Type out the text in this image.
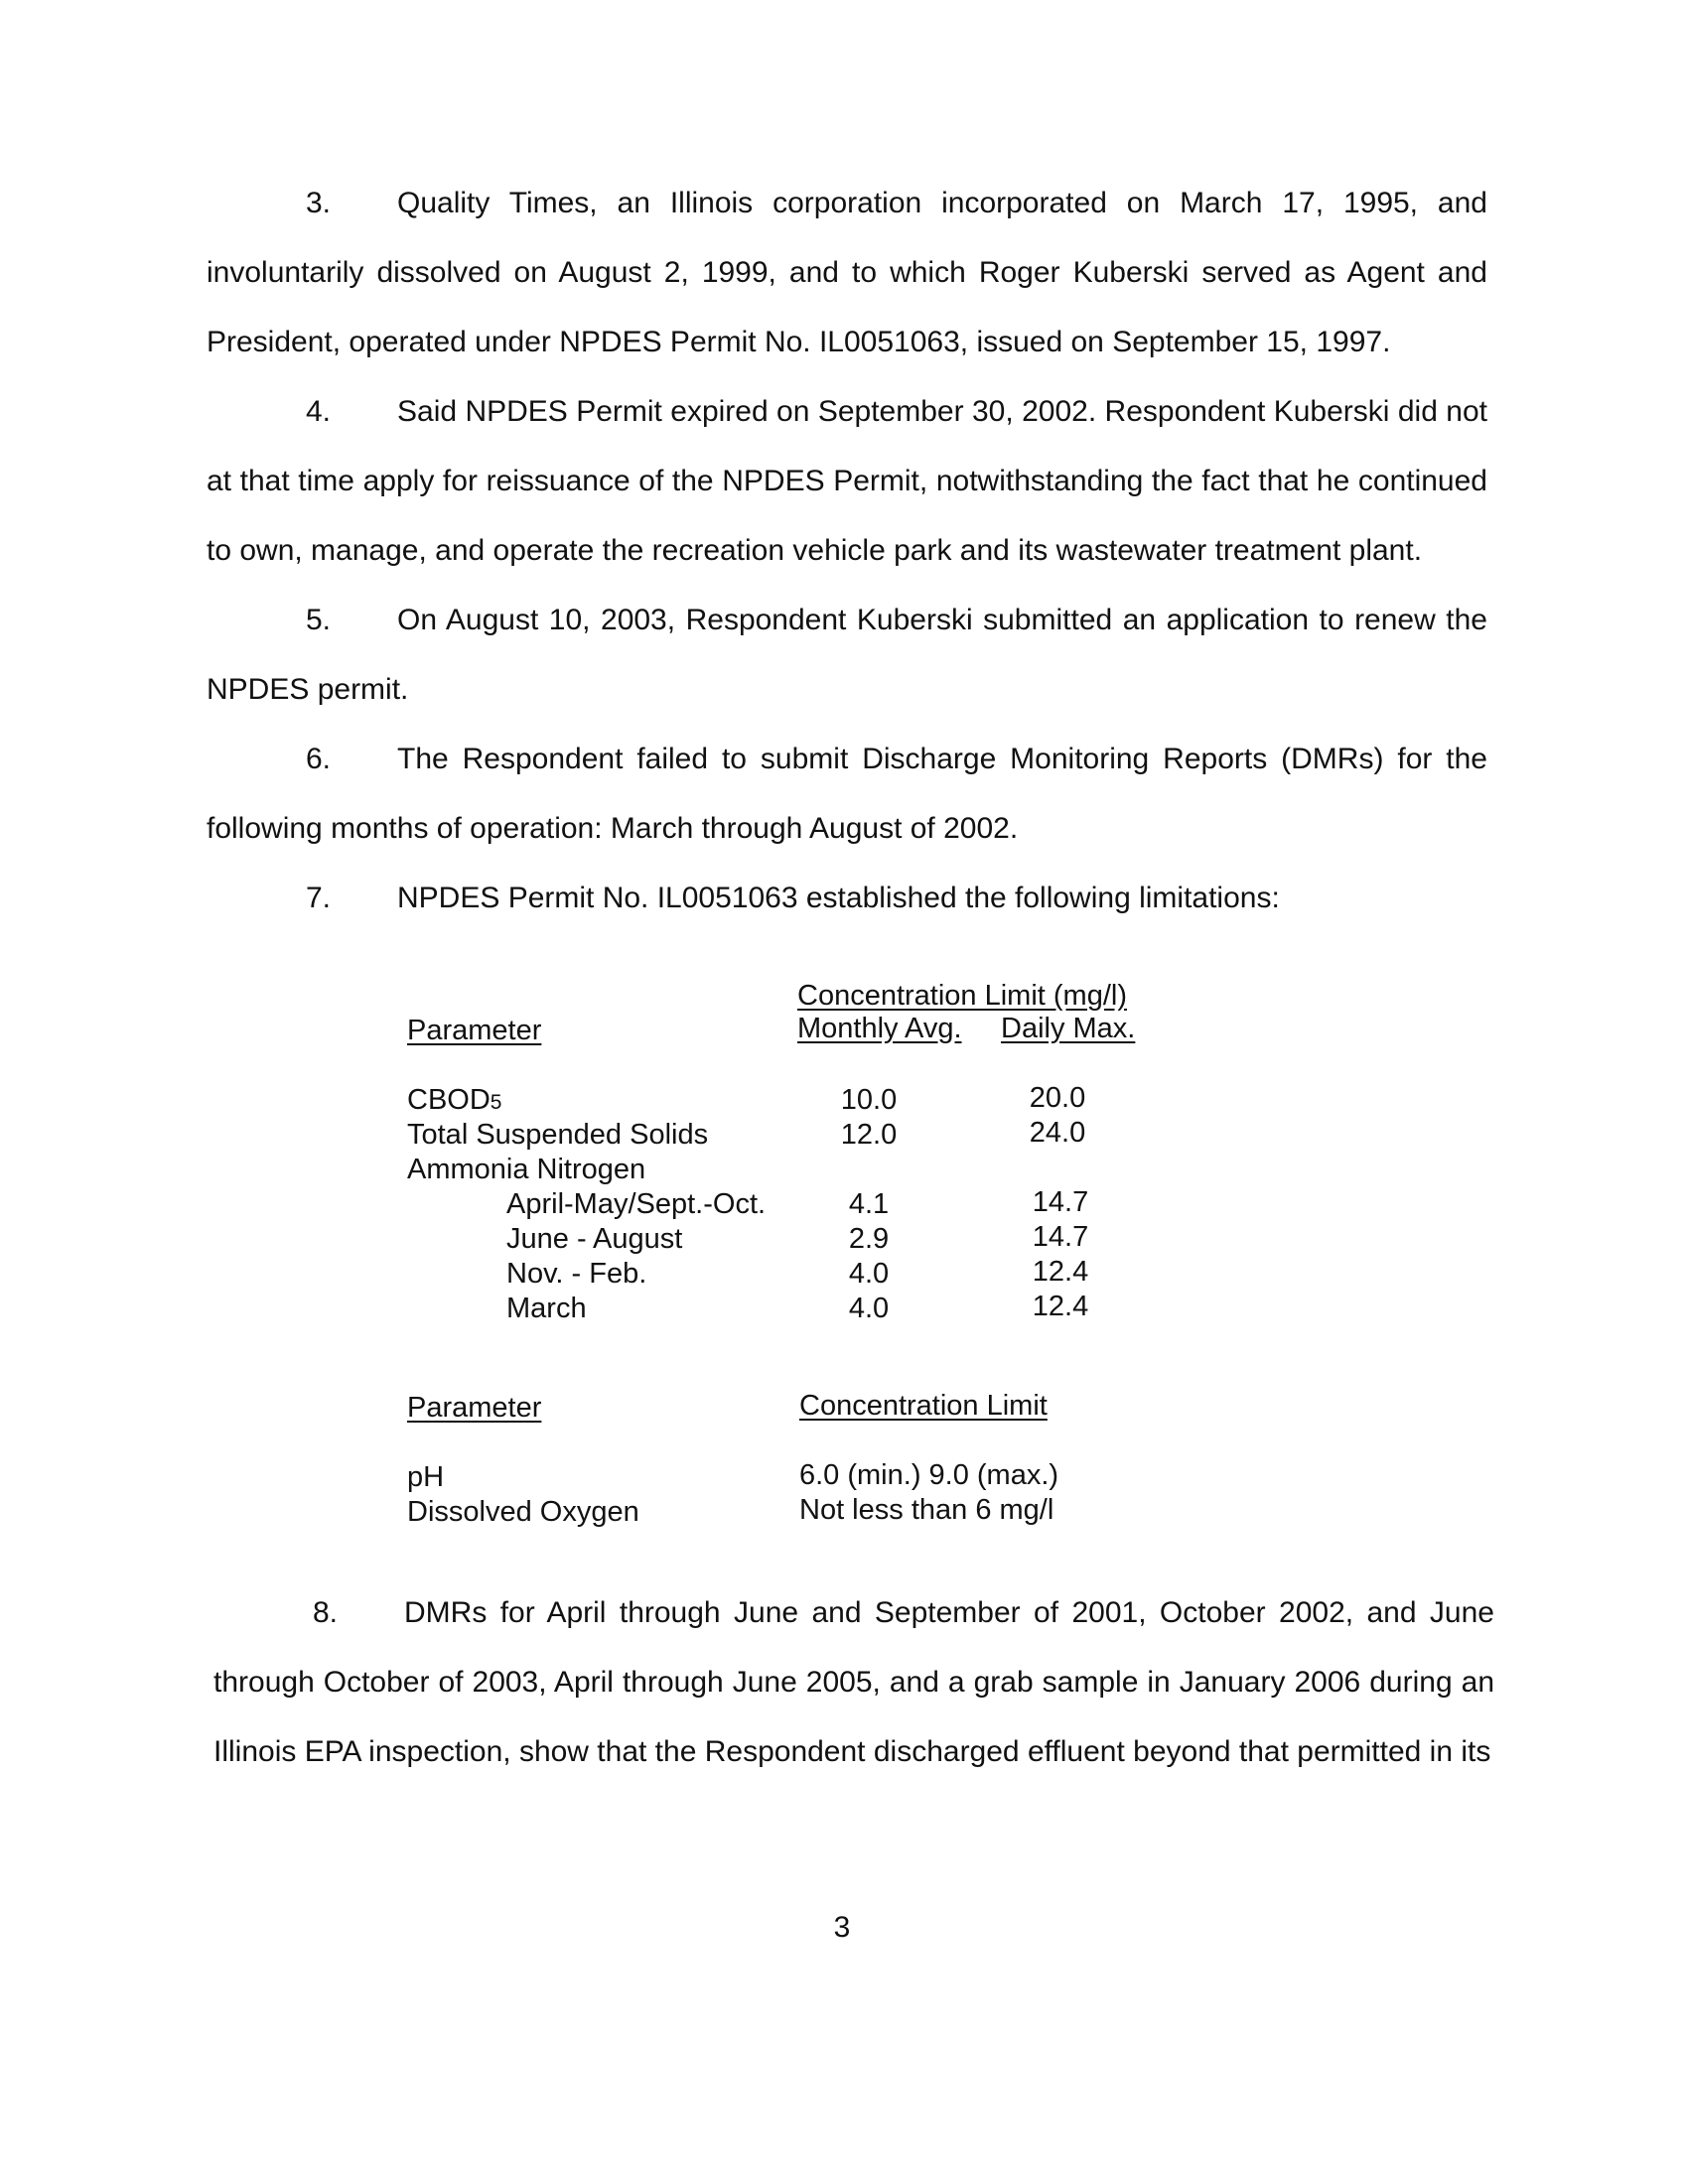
3. Quality Times, an Illinois corporation incorporated on March 17, 1995, and involuntarily dissolved on August 2, 1999, and to which Roger Kuberski served as Agent and President, operated under NPDES Permit No. IL0051063, issued on September 15, 1997.

4. Said NPDES Permit expired on September 30, 2002. Respondent Kuberski did not at that time apply for reissuance of the NPDES Permit, notwithstanding the fact that he continued to own, manage, and operate the recreation vehicle park and its wastewater treatment plant.

5. On August 10, 2003, Respondent Kuberski submitted an application to renew the NPDES permit.

6. The Respondent failed to submit Discharge Monitoring Reports (DMRs) for the following months of operation: March through August of 2002.

7. NPDES Permit No. IL0051063 established the following limitations:

Concentration Limit (mg/l)
Parameter	Monthly Avg. Daily Max.
CBOD5	10.0	20.0
Total Suspended Solids	12.0	24.0
Ammonia Nitrogen
April-May/Sept.-Oct.	4.1	14.7
June - August	2.9	14.7
Nov. - Feb.	4.0	12.4
March	4.0	12.4
Parameter	Concentration Limit
pH	6.0 (min.) 9.0 (max.)
Dissolved Oxygen	Not less than 6 mg/l

8. DMRs for April through June and September of 2001, October 2002, and June through October of 2003, April through June 2005, and a grab sample in January 2006 during an Illinois EPA inspection, show that the Respondent discharged effluent beyond that permitted in its

3
